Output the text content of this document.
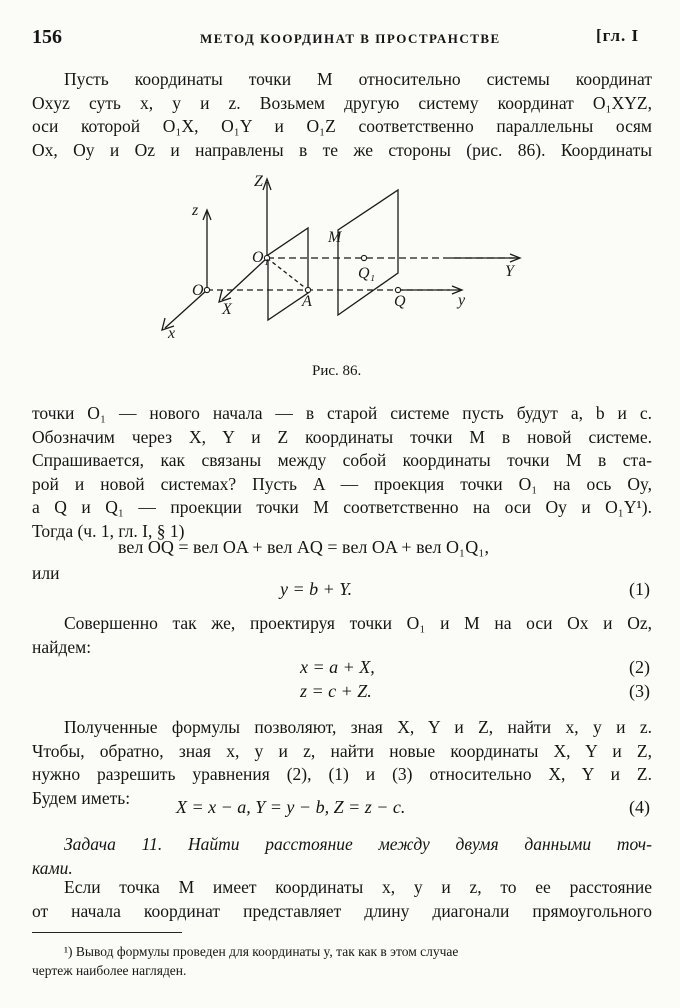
156	МЕТОД КООРДИНАТ В ПРОСТРАНСТВЕ	[гл. I
Пусть координаты точки M относительно системы координат
Oxyz суть x, y и z. Возьмем другую систему координат O₁XYZ,
оси которой O₁X, O₁Y и O₁Z соответственно параллельны осям
Ox, Oy и Oz и направлены в те же стороны (рис. 86). Координаты
Z
z
O₁
M
Q₁	Y
O
A	Q	y
X
x
Рис. 86.
точки O₁ — нового начала — в старой системе пусть будут a, b и c.
Обозначим через X, Y и Z координаты точки M в новой системе.
Спрашивается, как связаны между собой координаты точки M в ста-
рой и новой системах? Пусть A — проекция точки O₁ на ось Oy,
a Q и Q₁ — проекции точки M соответственно на оси Oy и O₁Y¹).
Тогда (ч. 1, гл. I, § 1)
вел OQ = вел OA + вел AQ = вел OA + вел O₁Q₁,
или
y = b + Y.	(1)
Совершенно так же, проектируя точки O₁ и M на оси Ox и Oz,
найдем:
x = a + X,	(2)
z = c + Z.	(3)
Полученные формулы позволяют, зная X, Y и Z, найти x, y и z.
Чтобы, обратно, зная x, y и z, найти новые координаты X, Y и Z,
нужно разрешить уравнения (2), (1) и (3) относительно X, Y и Z.
Будем иметь:	X = x − a, Y = y − b, Z = z − c.	(4)
Задача 11. Найти расстояние между двумя данными точ-
ками.
Если точка M имеет координаты x, y и z, то ее расстояние
от начала координат представляет длину диагонали прямоугольного
¹) Вывод формулы проведен для координаты y, так как в этом случае
чертеж наиболее нагляден.
